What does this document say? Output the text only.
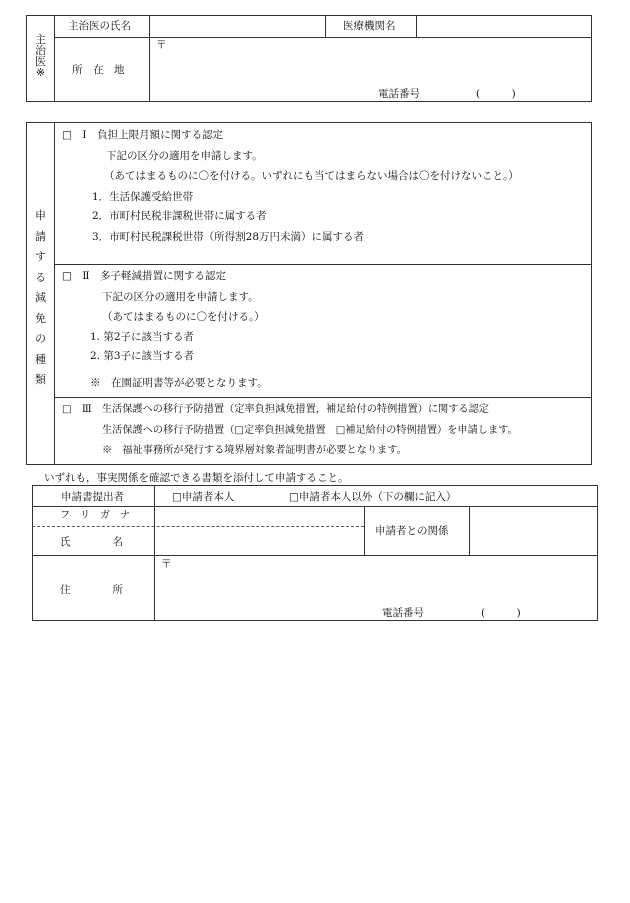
主
治
医
※
主治医の氏名	医療機関名
所　在　地
〒
電話番号	(　　　)
申
請
す
る
減
免
の
種
類
□　Ⅰ　負担上限月額に関する認定
下記の区分の適用を申請します。
（あてはまるものに〇を付ける。いずれにも当てはまらない場合は〇を付けないこと。）
1．生活保護受給世帯
2．市町村民税非課税世帯に属する者
3．市町村民税課税世帯（所得割28万円未満）に属する者
□　Ⅱ　多子軽減措置に関する認定
下記の区分の適用を申請します。
（あてはまるものに〇を付ける。）
1. 第2子に該当する者
2. 第3子に該当する者
※　在園証明書等が必要となります。
□　Ⅲ　生活保護への移行予防措置（定率負担減免措置，補足給付の特例措置）に関する認定
生活保護への移行予防措置（□定率負担減免措置　□補足給付の特例措置）を申請します。
※　福祉事務所が発行する境界層対象者証明書が必要となります。
いずれも，事実関係を確認できる書類を添付して申請すること。
申請書提出者	□申請者本人	□申請者本人以外（下の欄に記入）
フ　リ　ガ　ナ
氏　　　　名
申請者との関係
住　　　　所
〒
電話番号	(　　　)
